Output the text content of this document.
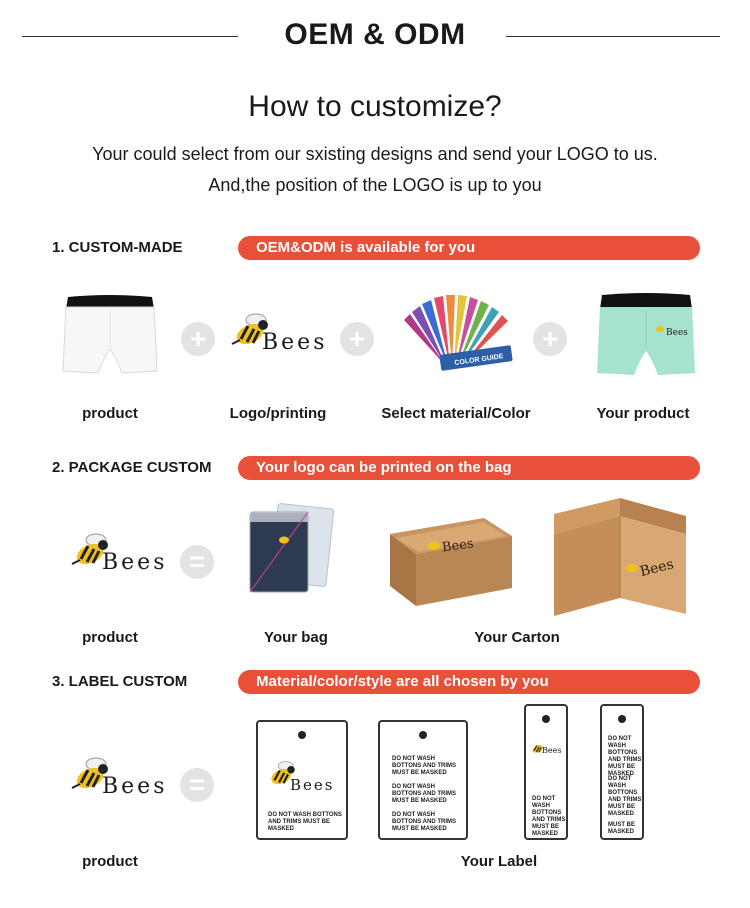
OEM & ODM
How to customize?
Your could select from our sxisting designs and send your LOGO to us.
And,the position of the LOGO is up to you
1. CUSTOM-MADE	OEM&ODM is available for you
+	Bees +
COLOR GUIDE
+	Bees
product	Logo/printing	Select material/Color	Your product
2. PACKAGE CUSTOM	Your logo can be printed on the bag
Bees =
Bees
Bees
product	Your bag	Your Carton
3. LABEL CUSTOM	Material/color/style are all chosen by you
Bees =	Bees
DO NOT WASH BOTTONS AND TRIMS MUST BE MASKED
DO NOT WASH BOTTONS AND TRIMS MUST BE MASKED
DO NOT WASH BOTTONS AND TRIMS MUST BE MASKED
DO NOT WASH BOTTONS AND TRIMS MUST BE MASKED
Bees
DO NOT WASH BOTTONS AND TRIMS MUST BE MASKED
DO NOT WASH BOTTONS AND TRIMS MUST BE MASKED
DO NOT WASH BOTTONS AND TRIMS MUST BE MASKED
MUST BE MASKED
product	Your Label
